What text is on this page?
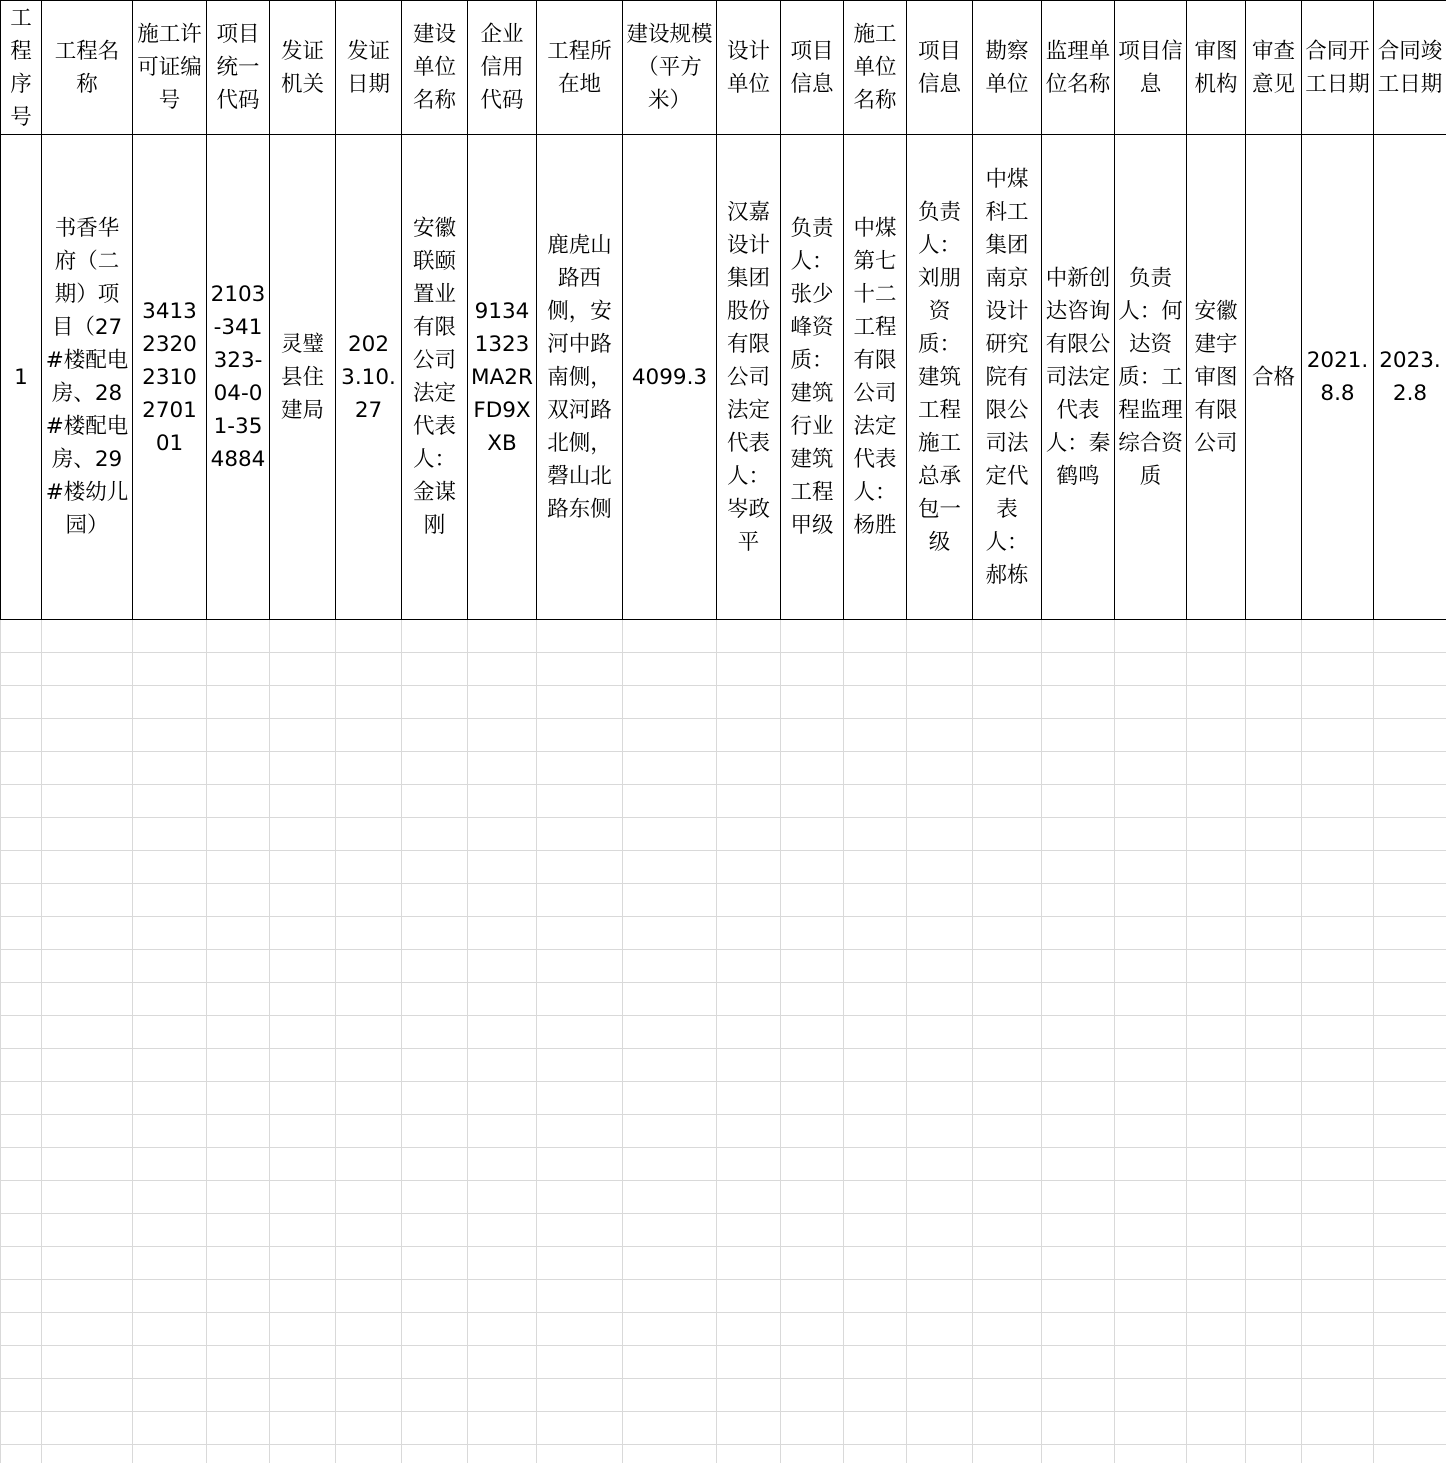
工程序号	工程名称	施工许可证编号	项目统一代码	发证机关	发证日期	建设单位名称	企业信用代码	工程所在地	建设规模（平方米）	设计单位	项目信息	施工单位名称	项目信息	勘察单位	监理单位名称	项目信息	审图机构	审查意见	合同开工日期	合同竣工日期
1	书香华府（二期）项目（27#楼配电房、28#楼配电房、29#楼幼儿园）	341323202310270101	2103-341323-04-01-354884	灵璧县住建局	2023.10.27	安徽联颐置业有限公司法定代表人：金谋刚	91341323MA2RFD9XXB	鹿虎山路西侧，安河中路南侧，双河路北侧，磬山北路东侧	4099.3	汉嘉设计集团股份有限公司法定代表人：岑政平	负责人：张少峰资质：建筑行业建筑工程甲级	中煤第七十二工程有限公司法定代表人：杨胜	负责人：刘朋资质：建筑工程施工总承包一级	中煤科工集团南京设计研究院有限公司法定代表人：郝栋	中新创达咨询有限公司法定代表人：秦鹤鸣	负责人：何达资质：工程监理综合资质	安徽建宇审图有限公司	合格	2021.8.8	2023.2.8
